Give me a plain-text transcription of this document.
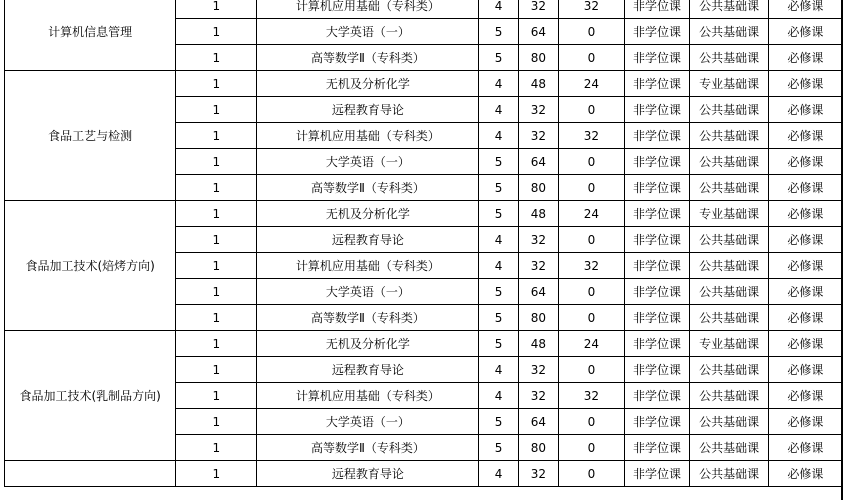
计算机信息管理	1	计算机应用基础（专科类）	4	32	32	非学位课	公共基础课	必修课
	1	大学英语（一）	5	64	0	非学位课	公共基础课	必修课
	1	高等数学Ⅱ（专科类）	5	80	0	非学位课	公共基础课	必修课
食品工艺与检测	1	无机及分析化学	4	48	24	非学位课	专业基础课	必修课
	1	远程教育导论	4	32	0	非学位课	公共基础课	必修课
	1	计算机应用基础（专科类）	4	32	32	非学位课	公共基础课	必修课
	1	大学英语（一）	5	64	0	非学位课	公共基础课	必修课
	1	高等数学Ⅱ（专科类）	5	80	0	非学位课	公共基础课	必修课
食品加工技术(焙烤方向)	1	无机及分析化学	5	48	24	非学位课	专业基础课	必修课
	1	远程教育导论	4	32	0	非学位课	公共基础课	必修课
	1	计算机应用基础（专科类）	4	32	32	非学位课	公共基础课	必修课
	1	大学英语（一）	5	64	0	非学位课	公共基础课	必修课
	1	高等数学Ⅱ（专科类）	5	80	0	非学位课	公共基础课	必修课
食品加工技术(乳制品方向)	1	无机及分析化学	5	48	24	非学位课	专业基础课	必修课
	1	远程教育导论	4	32	0	非学位课	公共基础课	必修课
	1	计算机应用基础（专科类）	4	32	32	非学位课	公共基础课	必修课
	1	大学英语（一）	5	64	0	非学位课	公共基础课	必修课
	1	高等数学Ⅱ（专科类）	5	80	0	非学位课	公共基础课	必修课
	1	远程教育导论	4	32	0	非学位课	公共基础课	必修课
